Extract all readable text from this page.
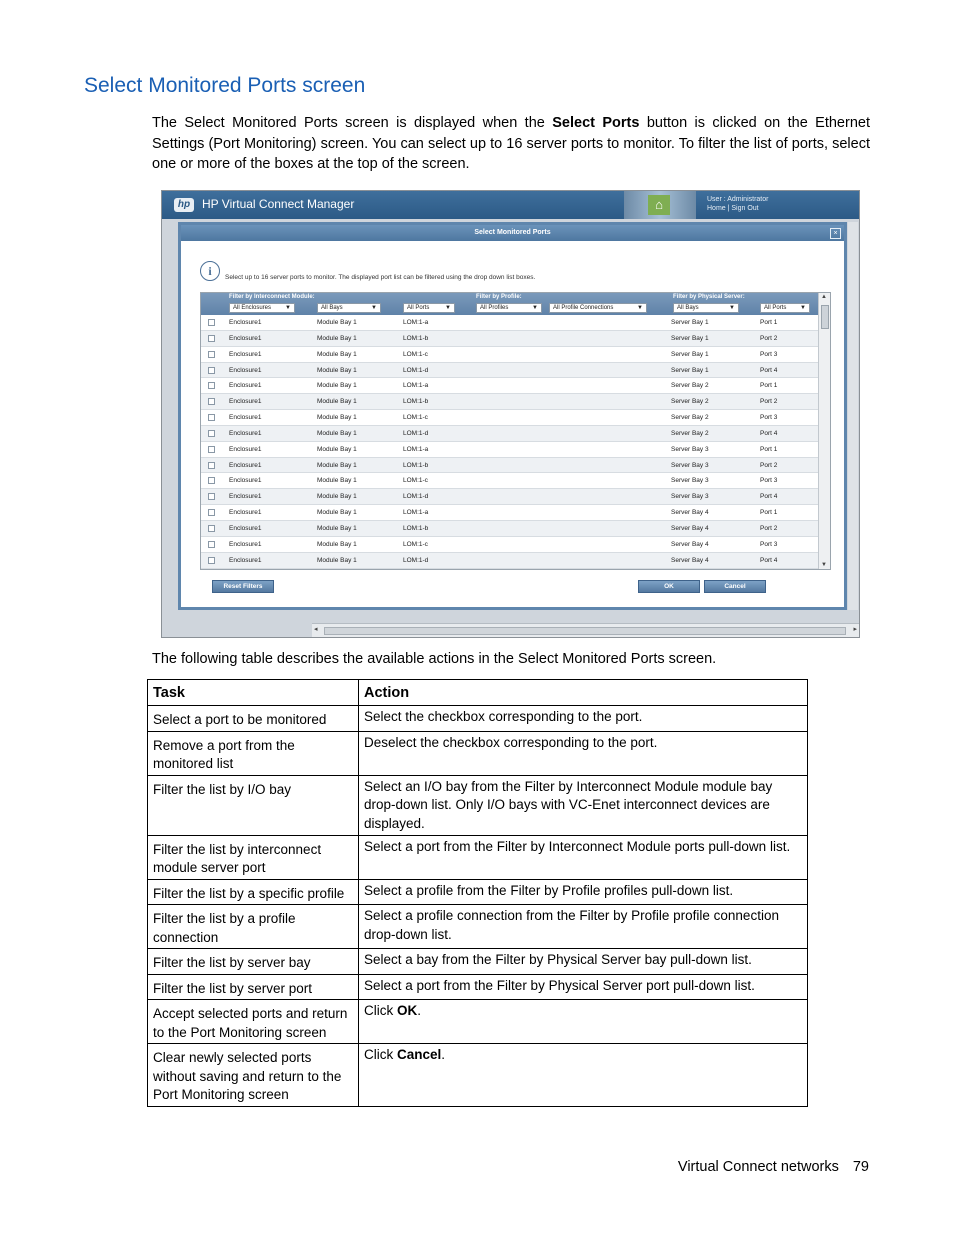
Select Monitored Ports screen

The Select Monitored Ports screen is displayed when the Select Ports button is clicked on the Ethernet Settings (Port Monitoring) screen. You can select up to 16 server ports to monitor. To filter the list of ports, select one or more of the boxes at the top of the screen.

hp HP Virtual Connect Manager	⌂	User : Administrator
Home | Sign Out
Select Monitored Ports	×
i	Select up to 16 server ports to monitor. The displayed port list can be filtered using the drop down list boxes.
Filter by Interconnect Module:	Filter by Profile:	Filter by Physical Server:
All Enclosures ▼	All Bays	▼	All Ports	▼	All Profiles	▼	All Profile Connections	▼	All Bays	▼	All Ports ▼
Enclosure1	Module Bay 1	LOM:1-a	Server Bay 1	Port 1
Enclosure1	Module Bay 1	LOM:1-b	Server Bay 1	Port 2
Enclosure1	Module Bay 1	LOM:1-c	Server Bay 1	Port 3
Enclosure1	Module Bay 1	LOM:1-d	Server Bay 1	Port 4
Enclosure1	Module Bay 1	LOM:1-a	Server Bay 2	Port 1
Enclosure1	Module Bay 1	LOM:1-b	Server Bay 2	Port 2
Enclosure1	Module Bay 1	LOM:1-c	Server Bay 2	Port 3
Enclosure1	Module Bay 1	LOM:1-d	Server Bay 2	Port 4
Enclosure1	Module Bay 1	LOM:1-a	Server Bay 3	Port 1
Enclosure1	Module Bay 1	LOM:1-b	Server Bay 3	Port 2
Enclosure1	Module Bay 1	LOM:1-c	Server Bay 3	Port 3
Enclosure1	Module Bay 1	LOM:1-d	Server Bay 3	Port 4
Enclosure1	Module Bay 1	LOM:1-a	Server Bay 4	Port 1
Enclosure1	Module Bay 1	LOM:1-b	Server Bay 4	Port 2
Enclosure1	Module Bay 1	LOM:1-c	Server Bay 4	Port 3
Enclosure1	Module Bay 1	LOM:1-d	Server Bay 4	Port 4
▲
▼
Reset Filters	OK	Cancel
◂	▸

The following table describes the available actions in the Select Monitored Ports screen.

Task	Action
Select a port to be monitored	Select the checkbox corresponding to the port.
Remove a port from the monitored list	Deselect the checkbox corresponding to the port.
Filter the list by I/O bay	Select an I/O bay from the Filter by Interconnect Module module bay drop-down list. Only I/O bays with VC-Enet interconnect devices are displayed.
Filter the list by interconnect module server port	Select a port from the Filter by Interconnect Module ports pull-down list.
Filter the list by a specific profile	Select a profile from the Filter by Profile profiles pull-down list.
Filter the list by a profile connection	Select a profile connection from the Filter by Profile profile connection drop-down list.
Filter the list by server bay	Select a bay from the Filter by Physical Server bay pull-down list.
Filter the list by server port	Select a port from the Filter by Physical Server port pull-down list.
Accept selected ports and return to the Port Monitoring screen	Click OK.
Clear newly selected ports without saving and return to the Port Monitoring screen	Click Cancel.
Virtual Connect networks 79
